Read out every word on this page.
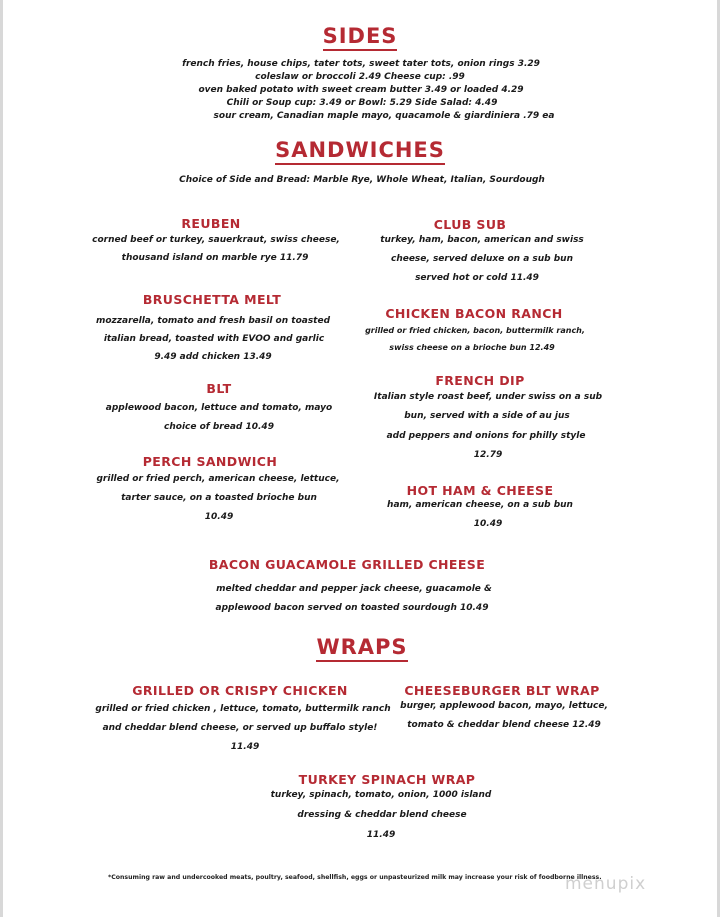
SIDES
french fries, house chips, tater tots, sweet tater tots, onion rings 3.29
coleslaw or broccoli 2.49 Cheese cup: .99
oven baked potato with sweet cream butter 3.49 or loaded 4.29
Chili or Soup cup: 3.49 or Bowl: 5.29 Side Salad: 4.49
sour cream, Canadian maple mayo, quacamole & giardiniera .79 ea
SANDWICHES
Choice of Side and Bread: Marble Rye, Whole Wheat, Italian, Sourdough
REUBEN
corned beef or turkey, sauerkraut, swiss cheese,
thousand island on marble rye 11.79
BRUSCHETTA MELT
mozzarella, tomato and fresh basil on toasted
italian bread, toasted with EVOO and garlic
9.49 add chicken 13.49
BLT
applewood bacon, lettuce and tomato, mayo
choice of bread 10.49
PERCH SANDWICH
grilled or fried perch, american cheese, lettuce,
tarter sauce, on a toasted brioche bun
10.49
CLUB SUB
turkey, ham, bacon, american and swiss
cheese, served deluxe on a sub bun
served hot or cold 11.49
CHICKEN BACON RANCH
grilled or fried chicken, bacon, buttermilk ranch,
swiss cheese on a brioche bun 12.49
FRENCH DIP
Italian style roast beef, under swiss on a sub
bun, served with a side of au jus
add peppers and onions for philly style
12.79
HOT HAM & CHEESE
ham, american cheese, on a sub bun
10.49
BACON GUACAMOLE GRILLED CHEESE
melted cheddar and pepper jack cheese, guacamole &
applewood bacon served on toasted sourdough 10.49
WRAPS
GRILLED OR CRISPY CHICKEN
grilled or fried chicken , lettuce, tomato, buttermilk ranch
and cheddar blend cheese, or served up buffalo style!
11.49
CHEESEBURGER BLT WRAP
burger, applewood bacon, mayo, lettuce,
tomato & cheddar blend cheese 12.49
TURKEY SPINACH WRAP
turkey, spinach, tomato, onion, 1000 island
dressing & cheddar blend cheese
11.49
*Consuming raw and undercooked meats, poultry, seafood, shellfish, eggs or unpasteurized milk may increase your risk of foodborne illness.
menupix
